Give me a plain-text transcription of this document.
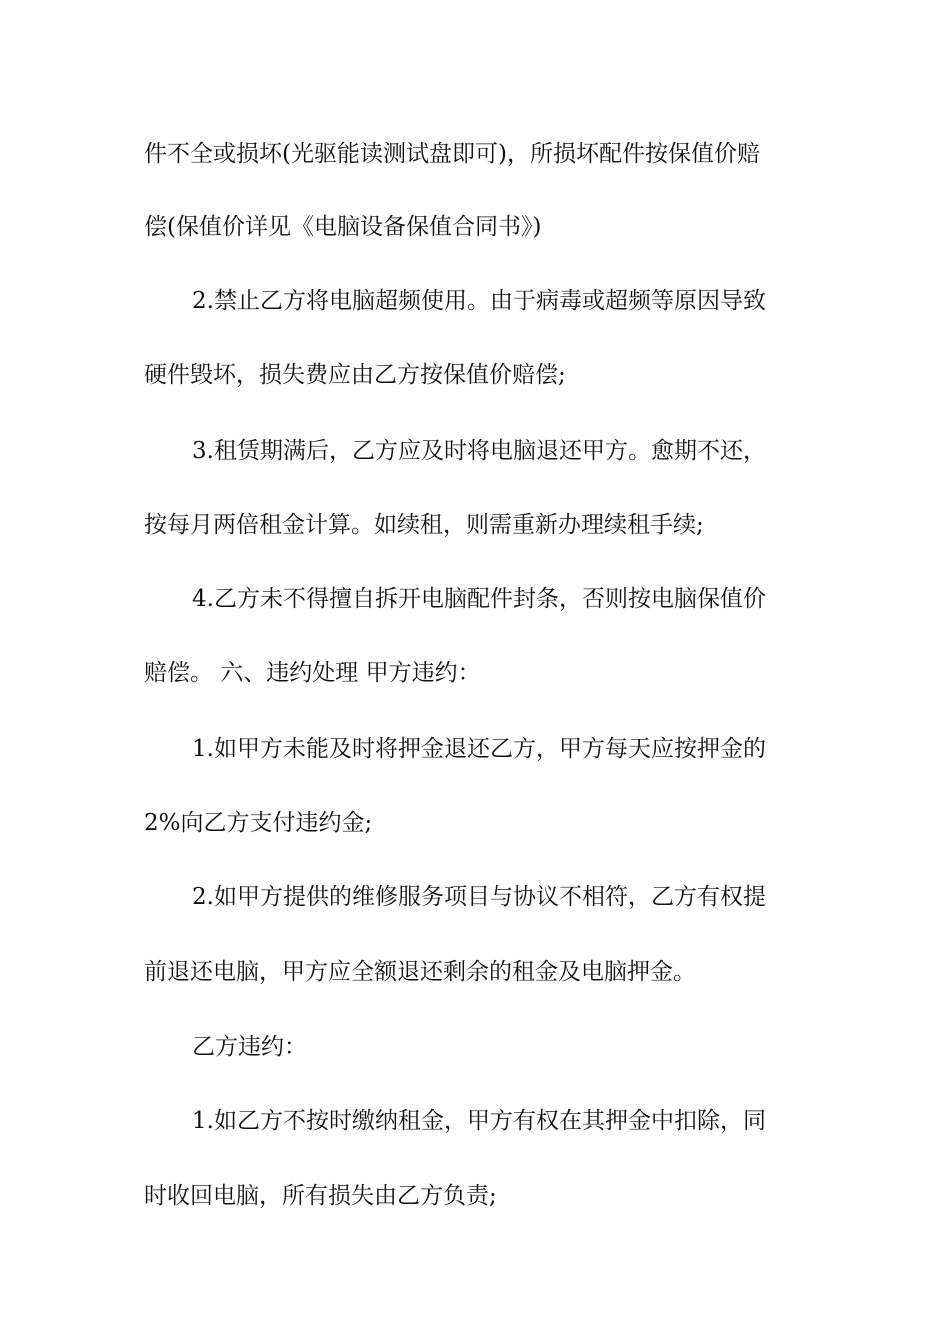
件不全或损坏(光驱能读测试盘即可)，所损坏配件按保值价赔
偿(保值价详见《电脑设备保值合同书》)
2.禁止乙方将电脑超频使用。由于病毒或超频等原因导致
硬件毁坏，损失费应由乙方按保值价赔偿;
3.租赁期满后，乙方应及时将电脑退还甲方。愈期不还，
按每月两倍租金计算。如续租，则需重新办理续租手续;
4.乙方未不得擅自拆开电脑配件封条，否则按电脑保值价
赔偿。 六、违约处理 甲方违约：
1.如甲方未能及时将押金退还乙方，甲方每天应按押金的
2%向乙方支付违约金;
2.如甲方提供的维修服务项目与协议不相符，乙方有权提
前退还电脑，甲方应全额退还剩余的租金及电脑押金。
乙方违约：
1.如乙方不按时缴纳租金，甲方有权在其押金中扣除，同
时收回电脑，所有损失由乙方负责;
